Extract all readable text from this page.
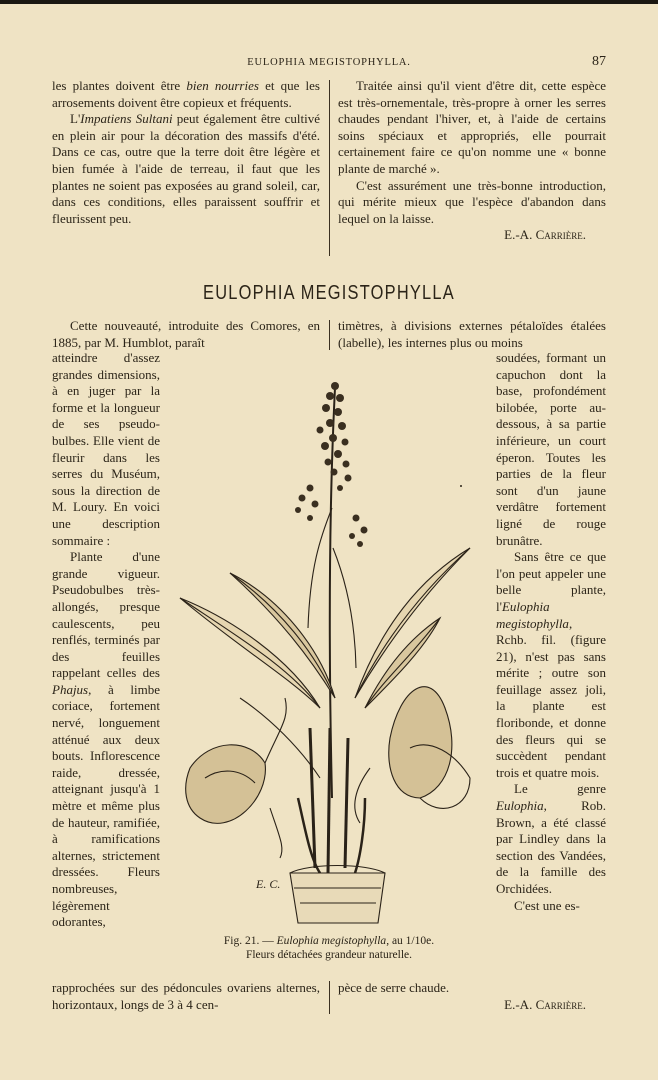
EULOPHIA MEGISTOPHYLLA.	87

les plantes doivent être bien nourries et que les arrosements doivent être copieux et fréquents.

L'Impatiens Sultani peut également être cultivé en plein air pour la décoration des massifs d'été. Dans ce cas, outre que la terre doit être légère et bien fumée à l'aide de terreau, il faut que les plantes ne soient pas exposées au grand soleil, car, dans ces conditions, elles paraissent souffrir et fleurissent peu.

Traitée ainsi qu'il vient d'être dit, cette espèce est très-ornementale, très-propre à orner les serres chaudes pendant l'hiver, et, à l'aide de certains soins spéciaux et appropriés, elle pourrait certainement faire ce qu'on nomme une « bonne plante de marché ».

C'est assurément une très-bonne introduction, qui mérite mieux que l'espèce d'abandon dans lequel on la laisse.

E.-A. Carrière.

EULOPHIA MEGISTOPHYLLA

Cette nouveauté, introduite des Comores, en 1885, par M. Humblot, paraît

timètres, à divisions externes pétaloïdes étalées (labelle), les internes plus ou moins

atteindre d'assez grandes dimensions, à en juger par la forme et la longueur de ses pseudo-bulbes. Elle vient de fleurir dans les serres du Muséum, sous la direction de M. Loury. En voici une description sommaire :

Plante d'une grande vigueur. Pseudobulbes très-allongés, presque caulescents, peu renflés, terminés par des feuilles rappelant celles des Phajus, à limbe coriace, fortement nervé, longuement atténué aux deux bouts. Inflorescence raide, dressée, atteignant jusqu'à 1 mètre et même plus de hauteur, ramifiée, à ramifications alternes, strictement dressées. Fleurs nombreuses, légèrement odorantes,

soudées, formant un capuchon dont la base, profondément bilobée, porte au-dessous, à sa partie inférieure, un court éperon. Toutes les parties de la fleur sont d'un jaune verdâtre fortement ligné de rouge brunâtre.

Sans être ce que l'on peut appeler une belle plante, l'Eulophia megistophylla, Rchb. fil. (figure 21), n'est pas sans mérite ; outre son feuillage assez joli, la plante est floribonde, et donne des fleurs qui se succèdent pendant trois et quatre mois.

Le genre Eulophia, Rob. Brown, a été classé par Lindley dans la section des Vandées, de la famille des Orchidées.

C'est une es-

E. C.
Fig. 21. — Eulophia megistophylla, au 1/10e.
Fleurs détachées grandeur naturelle.

rapprochées sur des pédoncules ovariens alternes, horizontaux, longs de 3 à 4 cen-

pèce de serre chaude.

E.-A. Carrière.
